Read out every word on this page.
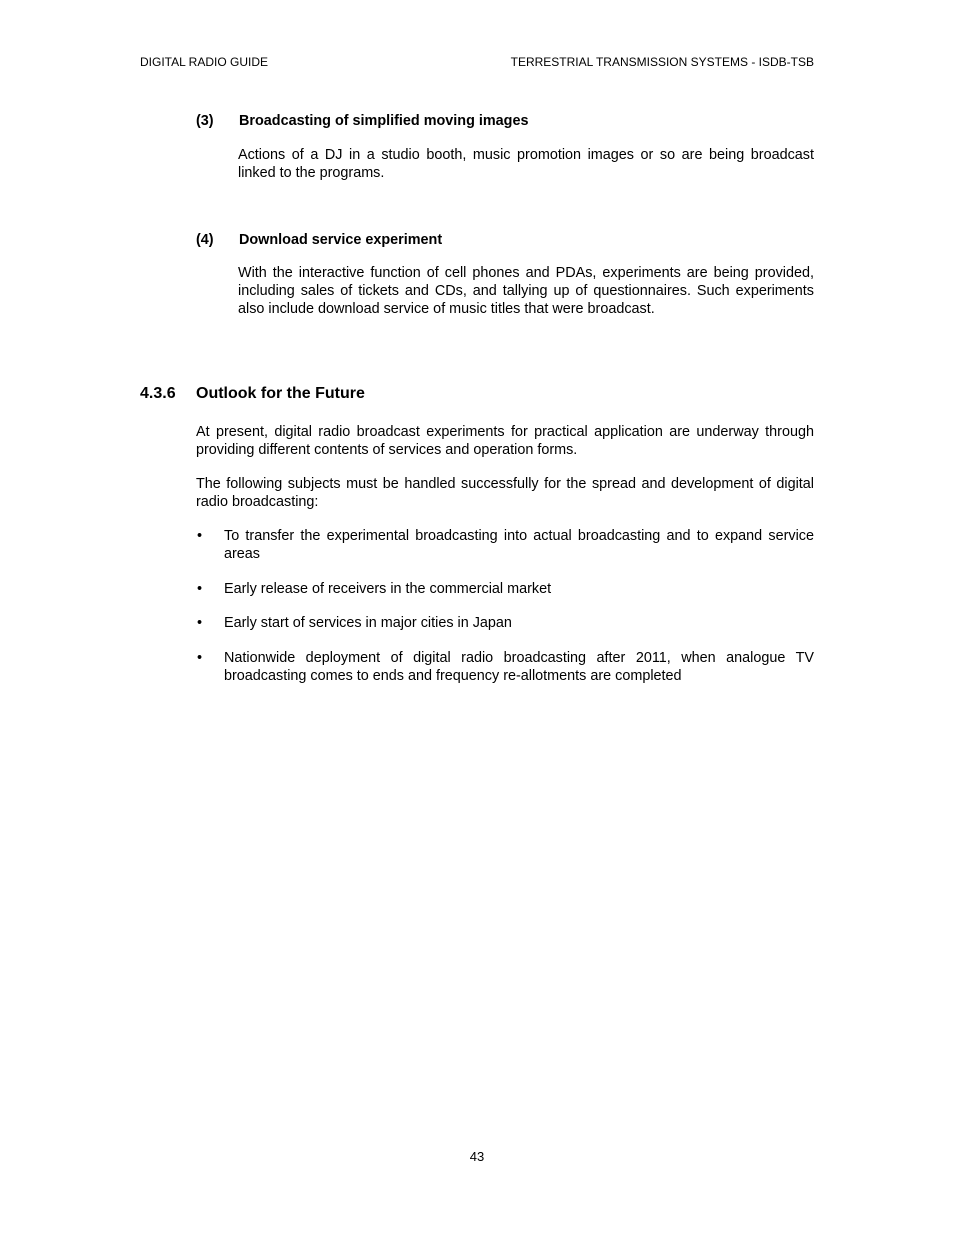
DIGITAL RADIO GUIDE	TERRESTRIAL TRANSMISSION SYSTEMS - ISDB-TSB
(3) Broadcasting of simplified moving images
Actions of a DJ in a studio booth, music promotion images or so are being broadcast linked to the programs.
(4) Download service experiment
With the interactive function of cell phones and PDAs, experiments are being provided, including sales of tickets and CDs, and tallying up of questionnaires. Such experiments also include download service of music titles that were broadcast.
4.3.6 Outlook for the Future
At present, digital radio broadcast experiments for practical application are underway through providing different contents of services and operation forms.
The following subjects must be handled successfully for the spread and development of digital radio broadcasting:
• To transfer the experimental broadcasting into actual broadcasting and to expand service areas
• Early release of receivers in the commercial market
• Early start of services in major cities in Japan
• Nationwide deployment of digital radio broadcasting after 2011, when analogue TV broadcasting comes to ends and frequency re-allotments are completed
43
